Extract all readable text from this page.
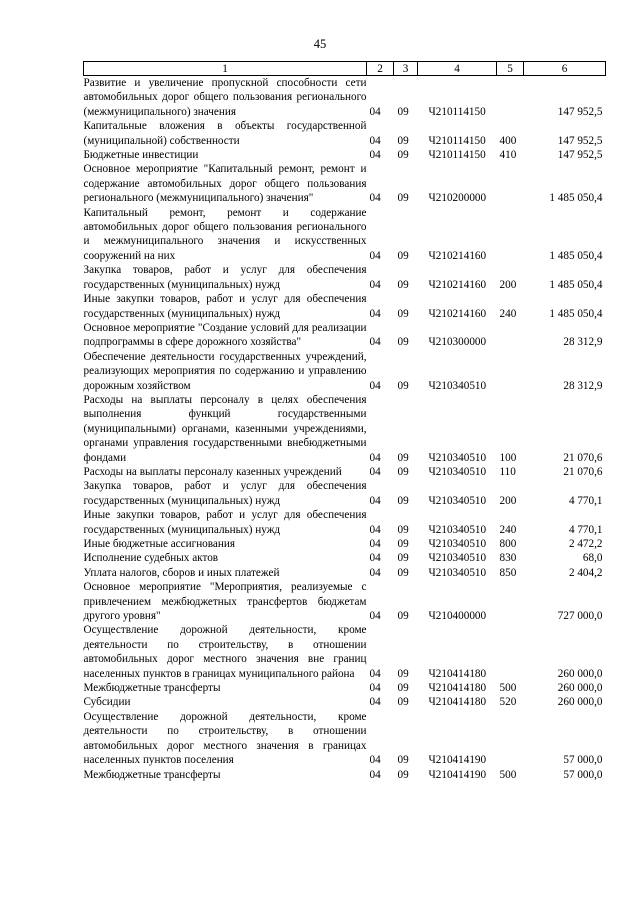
45
1	2	3	4	5	6
Развитие и увеличение пропускной способности сети автомобильных дорог общего пользования регионального (межмуниципального) значения	04	09	Ч210114150		147 952,5
Капитальные вложения в объекты государственной (муниципальной) собственности	04	09	Ч210114150	400	147 952,5
Бюджетные инвестиции	04	09	Ч210114150	410	147 952,5
Основное мероприятие "Капитальный ремонт, ремонт и содержание автомобильных дорог общего пользования регионального (межмуниципального) значения"	04	09	Ч210200000		1 485 050,4
Капитальный ремонт, ремонт и содержание автомобильных дорог общего пользования регионального и межмуниципального значения и искусственных сооружений на них	04	09	Ч210214160		1 485 050,4
Закупка товаров, работ и услуг для обеспечения государственных (муниципальных) нужд	04	09	Ч210214160	200	1 485 050,4
Иные закупки товаров, работ и услуг для обеспечения государственных (муниципальных) нужд	04	09	Ч210214160	240	1 485 050,4
Основное мероприятие "Создание условий для реализации подпрограммы в сфере дорожного хозяйства"	04	09	Ч210300000		28 312,9
Обеспечение деятельности государственных учреждений, реализующих мероприятия по содержанию и управлению дорожным хозяйством	04	09	Ч210340510		28 312,9
Расходы на выплаты персоналу в целях обеспечения выполнения функций государственными (муниципальными) органами, казенными учреждениями, органами управления государственными внебюджетными фондами	04	09	Ч210340510	100	21 070,6
Расходы на выплаты персоналу казенных учреждений	04	09	Ч210340510	110	21 070,6
Закупка товаров, работ и услуг для обеспечения государственных (муниципальных) нужд	04	09	Ч210340510	200	4 770,1
Иные закупки товаров, работ и услуг для обеспечения государственных (муниципальных) нужд	04	09	Ч210340510	240	4 770,1
Иные бюджетные ассигнования	04	09	Ч210340510	800	2 472,2
Исполнение судебных актов	04	09	Ч210340510	830	68,0
Уплата налогов, сборов и иных платежей	04	09	Ч210340510	850	2 404,2
Основное мероприятие "Мероприятия, реализуемые с привлечением межбюджетных трансфертов бюджетам другого уровня"	04	09	Ч210400000		727 000,0
Осуществление дорожной деятельности, кроме деятельности по строительству, в отношении автомобильных дорог местного значения вне границ населенных пунктов в границах муниципального района	04	09	Ч210414180		260 000,0
Межбюджетные трансферты	04	09	Ч210414180	500	260 000,0
Субсидии	04	09	Ч210414180	520	260 000,0
Осуществление дорожной деятельности, кроме деятельности по строительству, в отношении автомобильных дорог местного значения в границах населенных пунктов поселения	04	09	Ч210414190		57 000,0
Межбюджетные трансферты	04	09	Ч210414190	500	57 000,0
